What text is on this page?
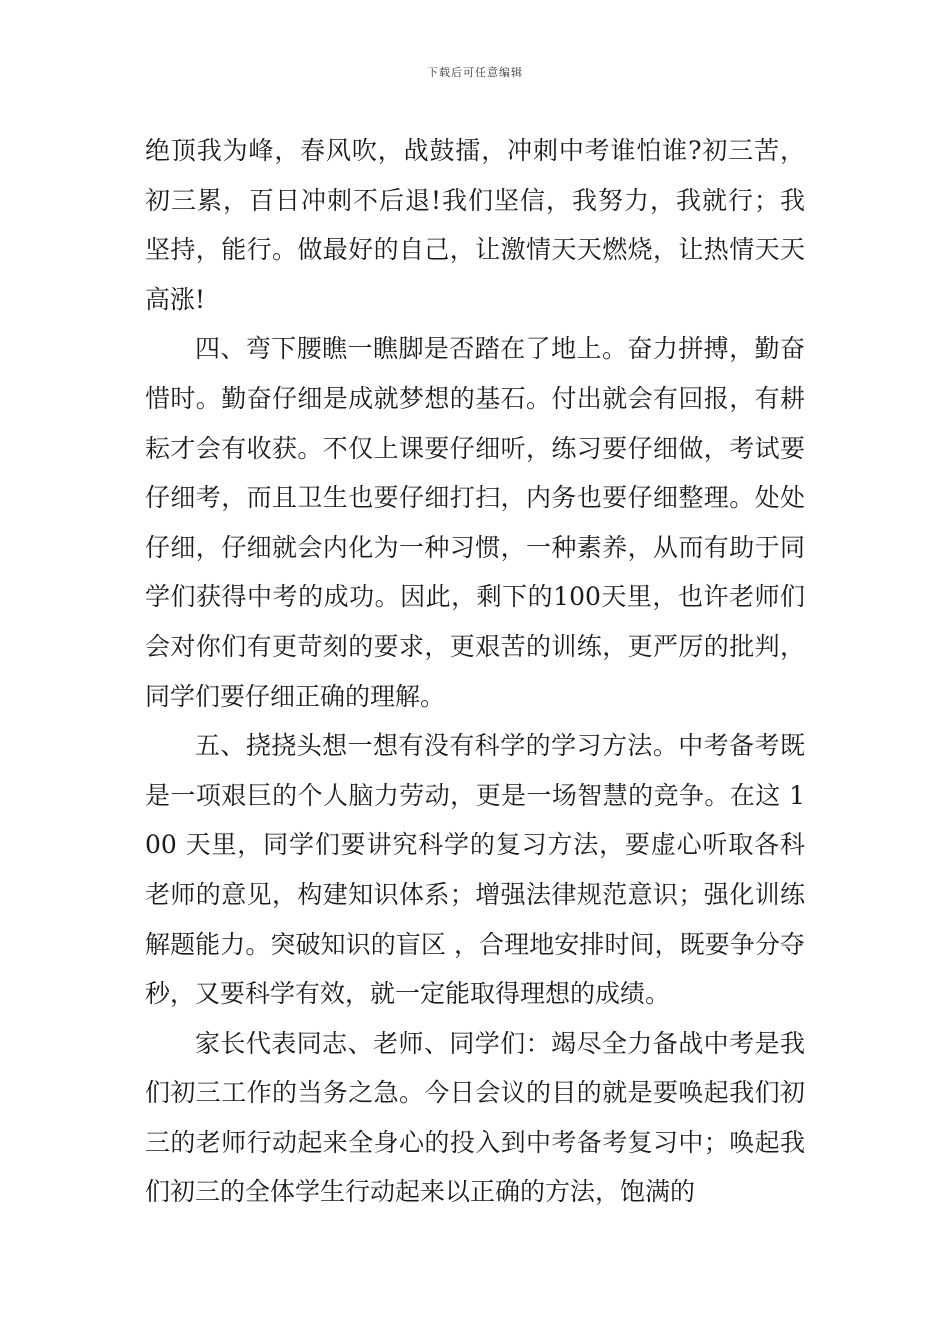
下载后可任意编辑

绝顶我为峰，春风吹，战鼓擂，冲刺中考谁怕谁?初三苦，初三累，百日冲刺不后退!我们坚信，我努力，我就行；我坚持，能行。做最好的自己，让激情天天燃烧，让热情天天高涨!

四、弯下腰瞧一瞧脚是否踏在了地上。奋力拼搏，勤奋惜时。勤奋仔细是成就梦想的基石。付出就会有回报，有耕耘才会有收获。不仅上课要仔细听，练习要仔细做，考试要仔细考，而且卫生也要仔细打扫，内务也要仔细整理。处处仔细，仔细就会内化为一种习惯，一种素养，从而有助于同学们获得中考的成功。因此，剩下的100天里，也许老师们会对你们有更苛刻的要求，更艰苦的训练，更严厉的批判，同学们要仔细正确的理解。

五、挠挠头想一想有没有科学的学习方法。中考备考既是一项艰巨的个人脑力劳动，更是一场智慧的竞争。在这 100 天里，同学们要讲究科学的复习方法，要虚心听取各科老师的意见，构建知识体系；增强法律规范意识；强化训练解题能力。突破知识的盲区 ，合理地安排时间，既要争分夺秒，又要科学有效，就一定能取得理想的成绩。

家长代表同志、老师、同学们：竭尽全力备战中考是我们初三工作的当务之急。今日会议的目的就是要唤起我们初三的老师行动起来全身心的投入到中考备考复习中；唤起我们初三的全体学生行动起来以正确的方法，饱满的
